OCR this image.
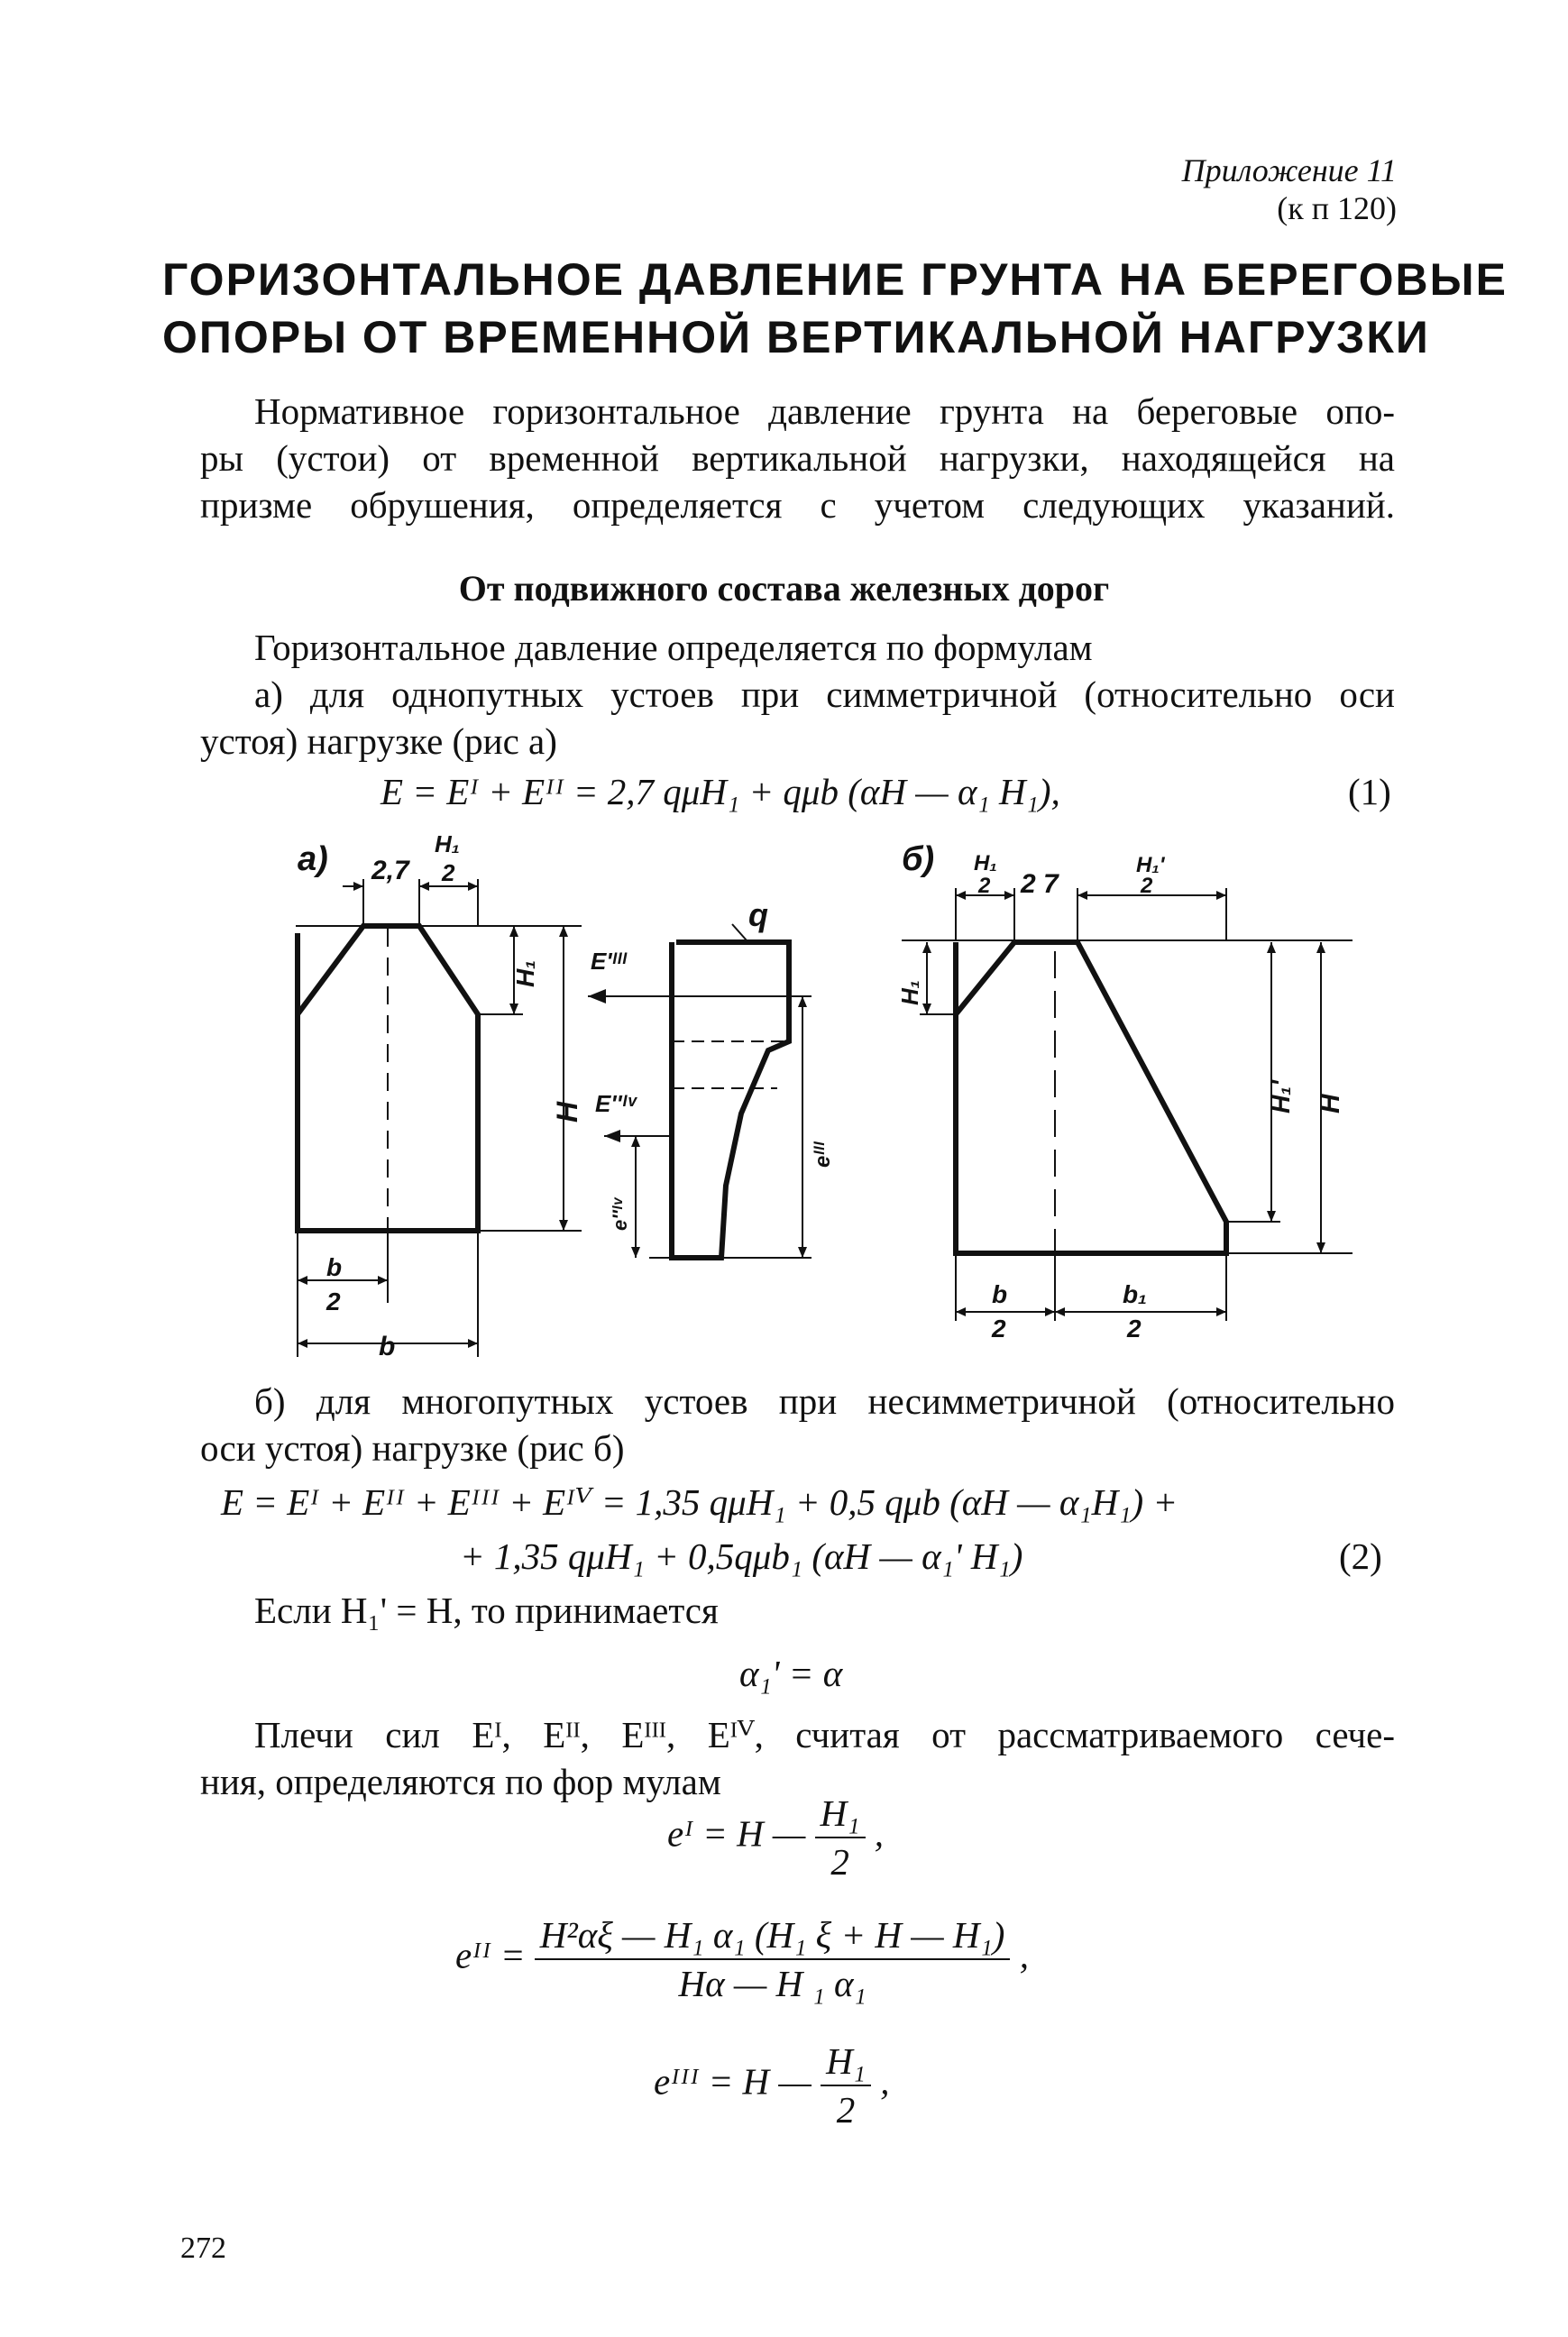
Приложение 11
(к п 120)
ГОРИЗОНТАЛЬНОЕ ДАВЛЕНИЕ ГРУНТА НА БЕРЕГОВЫЕ
ОПОРЫ ОТ ВРЕМЕННОЙ ВЕРТИКАЛЬНОЙ НАГРУЗКИ
Нормативное горизонтальное давление грунта на береговые опо-
ры (устои) от временной вертикальной нагрузки, находящейся на
призме обрушения, определяется с учетом следующих указаний.
От подвижного состава железных дорог
Горизонтальное давление определяется по формулам
а) для однопутных устоев при симметричной (относительно оси
устоя) нагрузке (рис а)
E = Eᴵ + Eᴵᴵ = 2,7 qμH₁ + qμb (αH — α₁ H₁),	(1)
а)	б)
2,7
H₁
2
H₁
H
b
2
b
q
E'ᴵᴵᴵ
E''ᴵᵛ
eᴵᴵᴵ
e''ᴵᵛ
H₁
2 2 7
H₁'
2
H₁
H₁' H
b
2
b₁
2
б) для многопутных устоев при несимметричной (относительно
оси устоя) нагрузке (рис б)
E = Eᴵ + Eᴵᴵ + Eᴵᴵᴵ + Eᴵⱽ = 1,35 qμH₁ + 0,5 qμb (αH — α₁H₁) +
+ 1,35 qμH₁ + 0,5qμb₁ (αH — α₁' H₁)	(2)
Если H₁' = H, то принимается
α₁' = α
Плечи сил Eᴵ, Eᴵᴵ, Eᴵᴵᴵ, Eᴵⱽ, считая от рассматриваемого сече-
ния, определяются по фор мулам
eᴵ = H — $\frac{\text{H₁}}{2}$ ,
eᴵᴵ = $\frac{\text{H²αξ — H₁ α₁ (H₁ ξ + H — H₁)}}{\text{Hα — H ₁ α₁}}$ ,
eᴵᴵᴵ = H — $\frac{\text{H₁}}{2}$ ,
272
